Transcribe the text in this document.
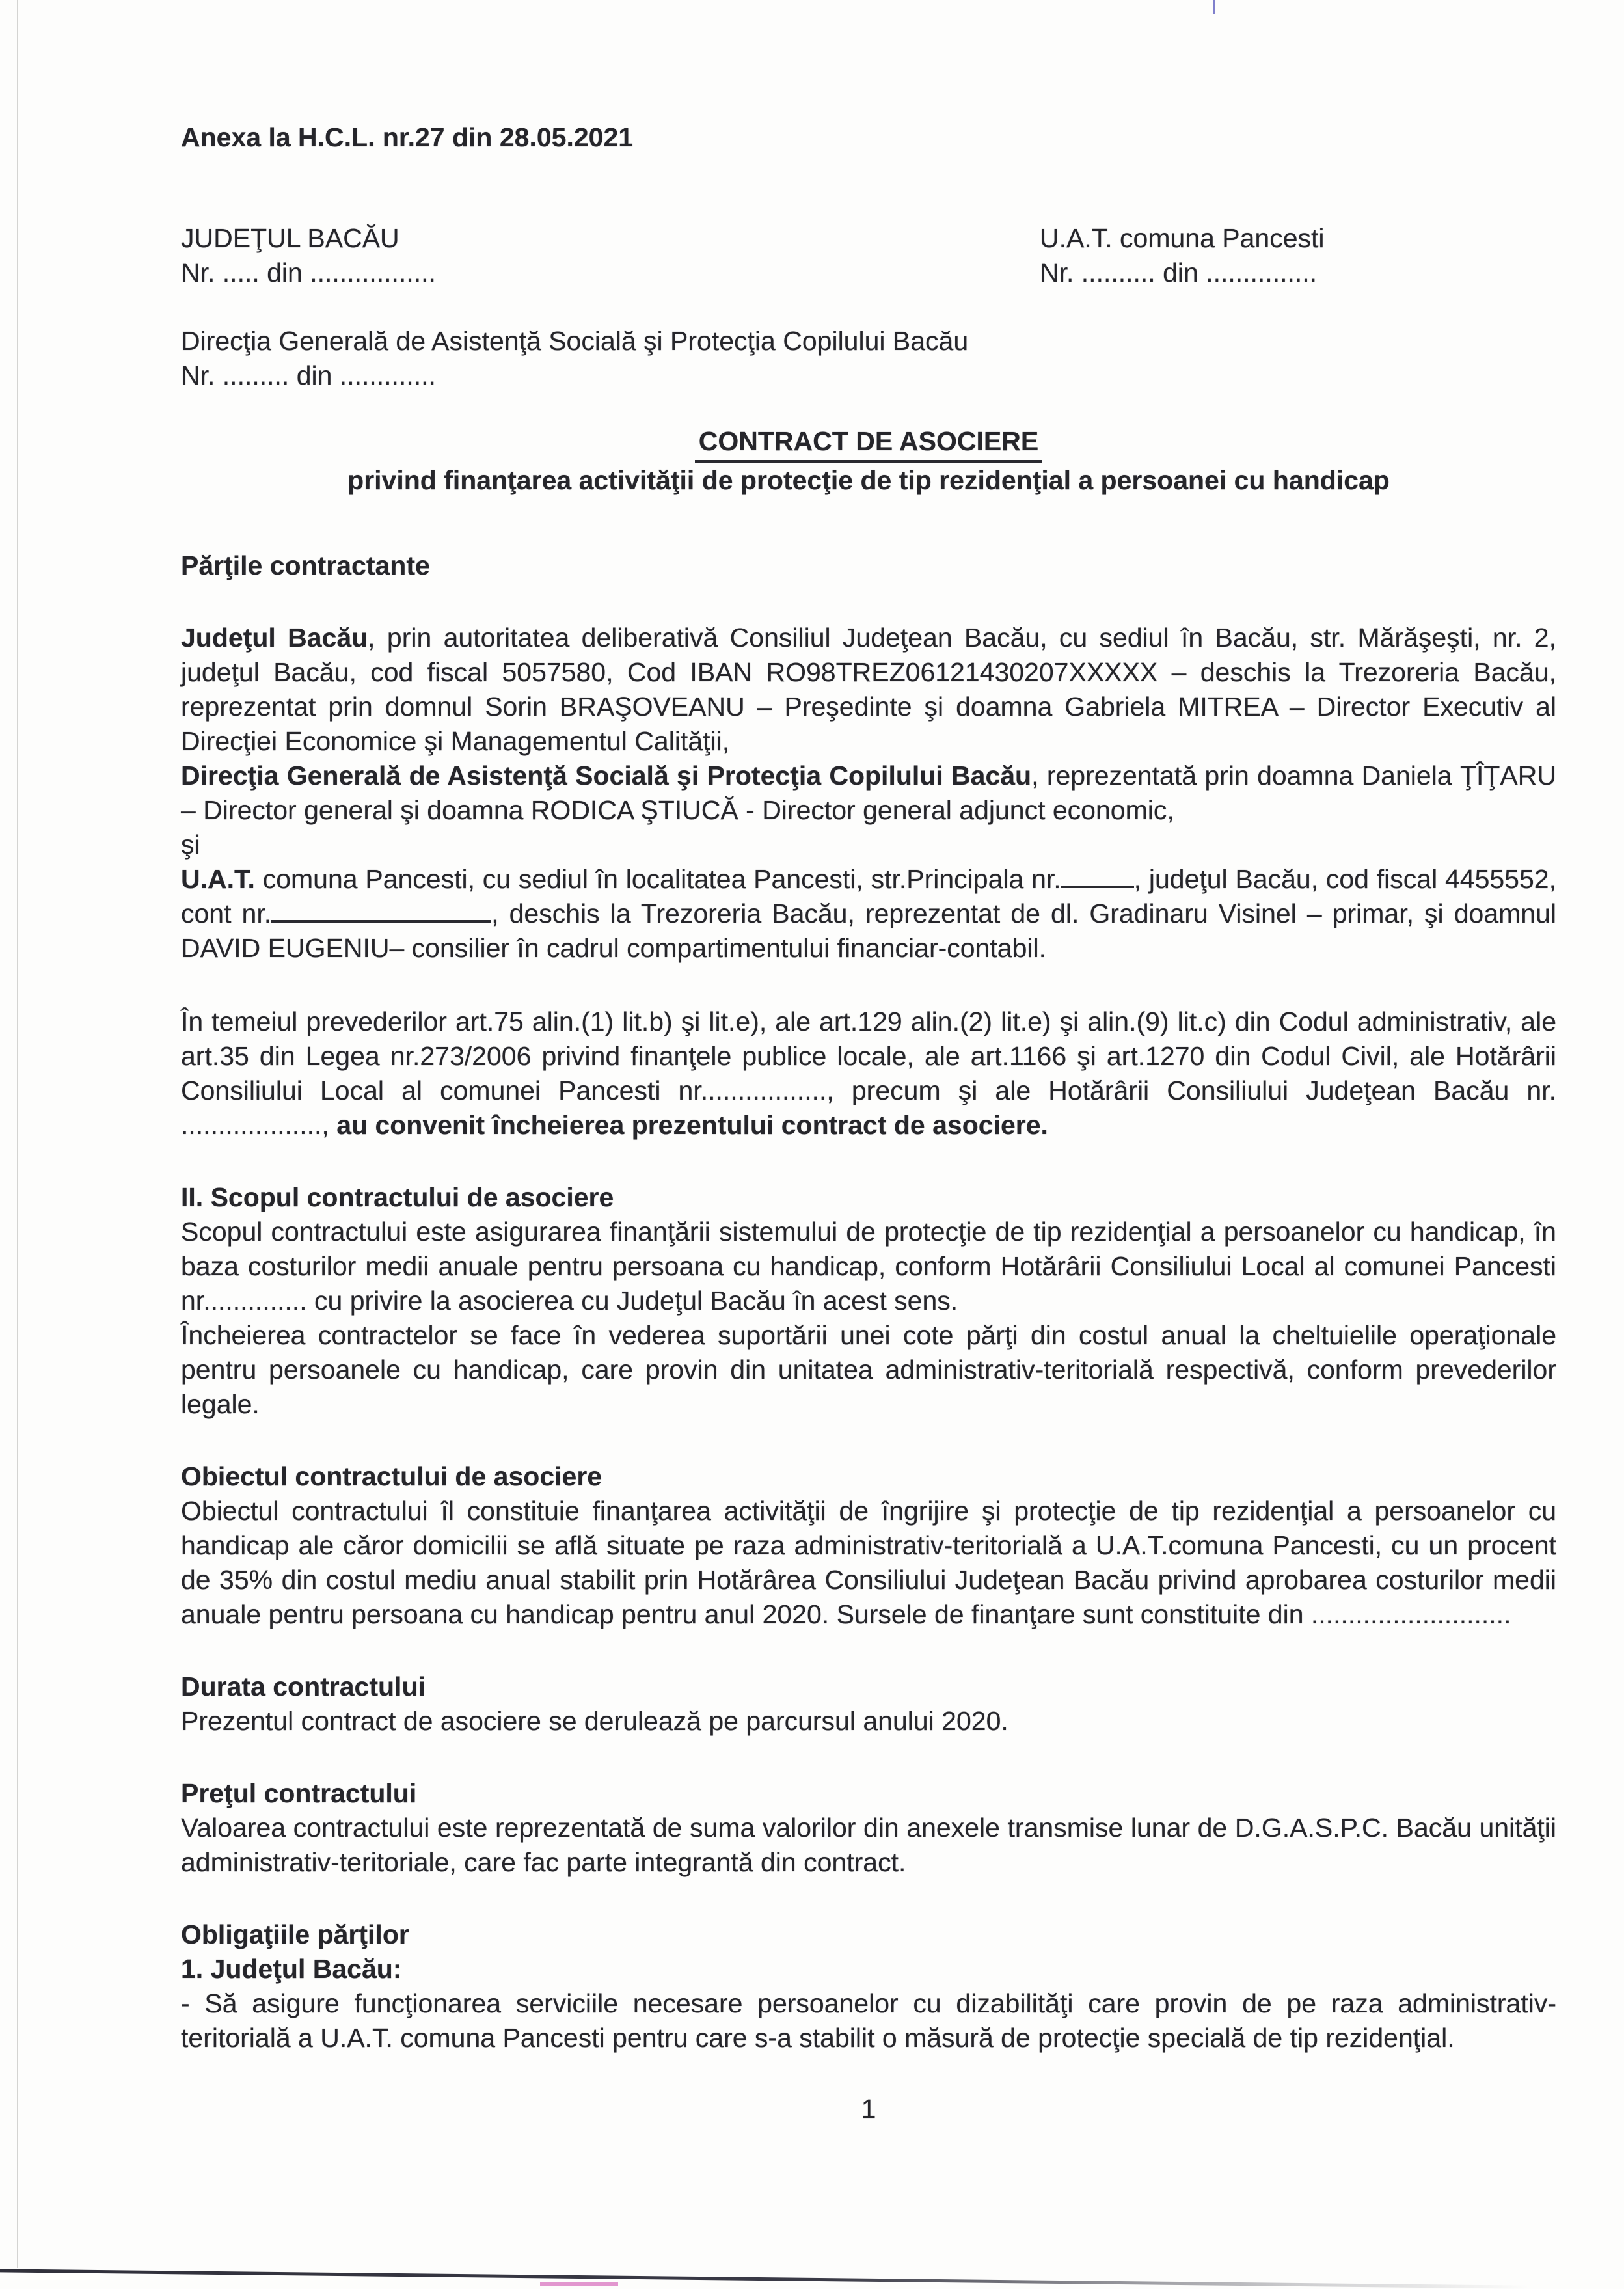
Anexa la H.C.L. nr.27 din 28.05.2021

JUDEŢUL BACĂU

Nr. ..... din .................

U.A.T. comuna Pancesti

Nr. .......... din ...............

Direcţia Generală de Asistenţă Socială şi Protecţia Copilului Bacău

Nr. ......... din .............

CONTRACT DE ASOCIERE

privind finanţarea activităţii de protecţie de tip rezidenţial a persoanei cu handicap

Părţile contractante

Judeţul Bacău, prin autoritatea deliberativă Consiliul Judeţean Bacău, cu sediul în Bacău, str. Mărăşeşti, nr. 2, judeţul Bacău, cod fiscal 5057580, Cod IBAN RO98TREZ06121430207XXXXX – deschis la Trezoreria Bacău, reprezentat prin domnul Sorin BRAŞOVEANU – Preşedinte şi doamna Gabriela MITREA – Director Executiv al Direcţiei Economice şi Managementul Calităţii,

Direcţia Generală de Asistenţă Socială şi Protecţia Copilului Bacău, reprezentată prin doamna Daniela ŢÎŢARU – Director general şi doamna RODICA ŞTIUCĂ - Director general adjunct economic,

şi

U.A.T. comuna Pancesti, cu sediul în localitatea Pancesti, str.Principala nr.	, judeţul Bacău, cod fiscal 4455552, cont nr.	, deschis la Trezoreria Bacău, reprezentat de dl. Gradinaru Visinel – primar, şi doamnul DAVID EUGENIU– consilier în cadrul compartimentului financiar-contabil.

În temeiul prevederilor art.75 alin.(1) lit.b) şi lit.e), ale art.129 alin.(2) lit.e) şi alin.(9) lit.c) din Codul administrativ, ale art.35 din Legea nr.273/2006 privind finanţele publice locale, ale art.1166 şi art.1270 din Codul Civil, ale Hotărârii Consiliului Local al comunei Pancesti nr................., precum şi ale Hotărârii Consiliului Judeţean Bacău nr. ..................., au convenit încheierea prezentului contract de asociere.

II. Scopul contractului de asociere

Scopul contractului este asigurarea finanţării sistemului de protecţie de tip rezidenţial a persoanelor cu handicap, în baza costurilor medii anuale pentru persoana cu handicap, conform Hotărârii Consiliului Local al comunei Pancesti nr.............. cu privire la asocierea cu Judeţul Bacău în acest sens.

Încheierea contractelor se face în vederea suportării unei cote părţi din costul anual la cheltuielile operaţionale pentru persoanele cu handicap, care provin din unitatea administrativ-teritorială respectivă, conform prevederilor legale.

Obiectul contractului de asociere

Obiectul contractului îl constituie finanţarea activităţii de îngrijire şi protecţie de tip rezidenţial a persoanelor cu handicap ale căror domicilii se află situate pe raza administrativ-teritorială a U.A.T.comuna Pancesti, cu un procent de 35% din costul mediu anual stabilit prin Hotărârea Consiliului Judeţean Bacău privind aprobarea costurilor medii anuale pentru persoana cu handicap pentru anul 2020. Sursele de finanţare sunt constituite din ...........................

Durata contractului

Prezentul contract de asociere se derulează pe parcursul anului 2020.

Preţul contractului

Valoarea contractului este reprezentată de suma valorilor din anexele transmise lunar de D.G.A.S.P.C. Bacău unităţii administrativ-teritoriale, care fac parte integrantă din contract.

Obligaţiile părţilor

1. Judeţul Bacău:

- Să asigure funcţionarea serviciile necesare persoanelor cu dizabilităţi care provin de pe raza administrativ-teritorială a U.A.T. comuna Pancesti pentru care s-a stabilit o măsură de protecţie specială de tip rezidenţial.

1
